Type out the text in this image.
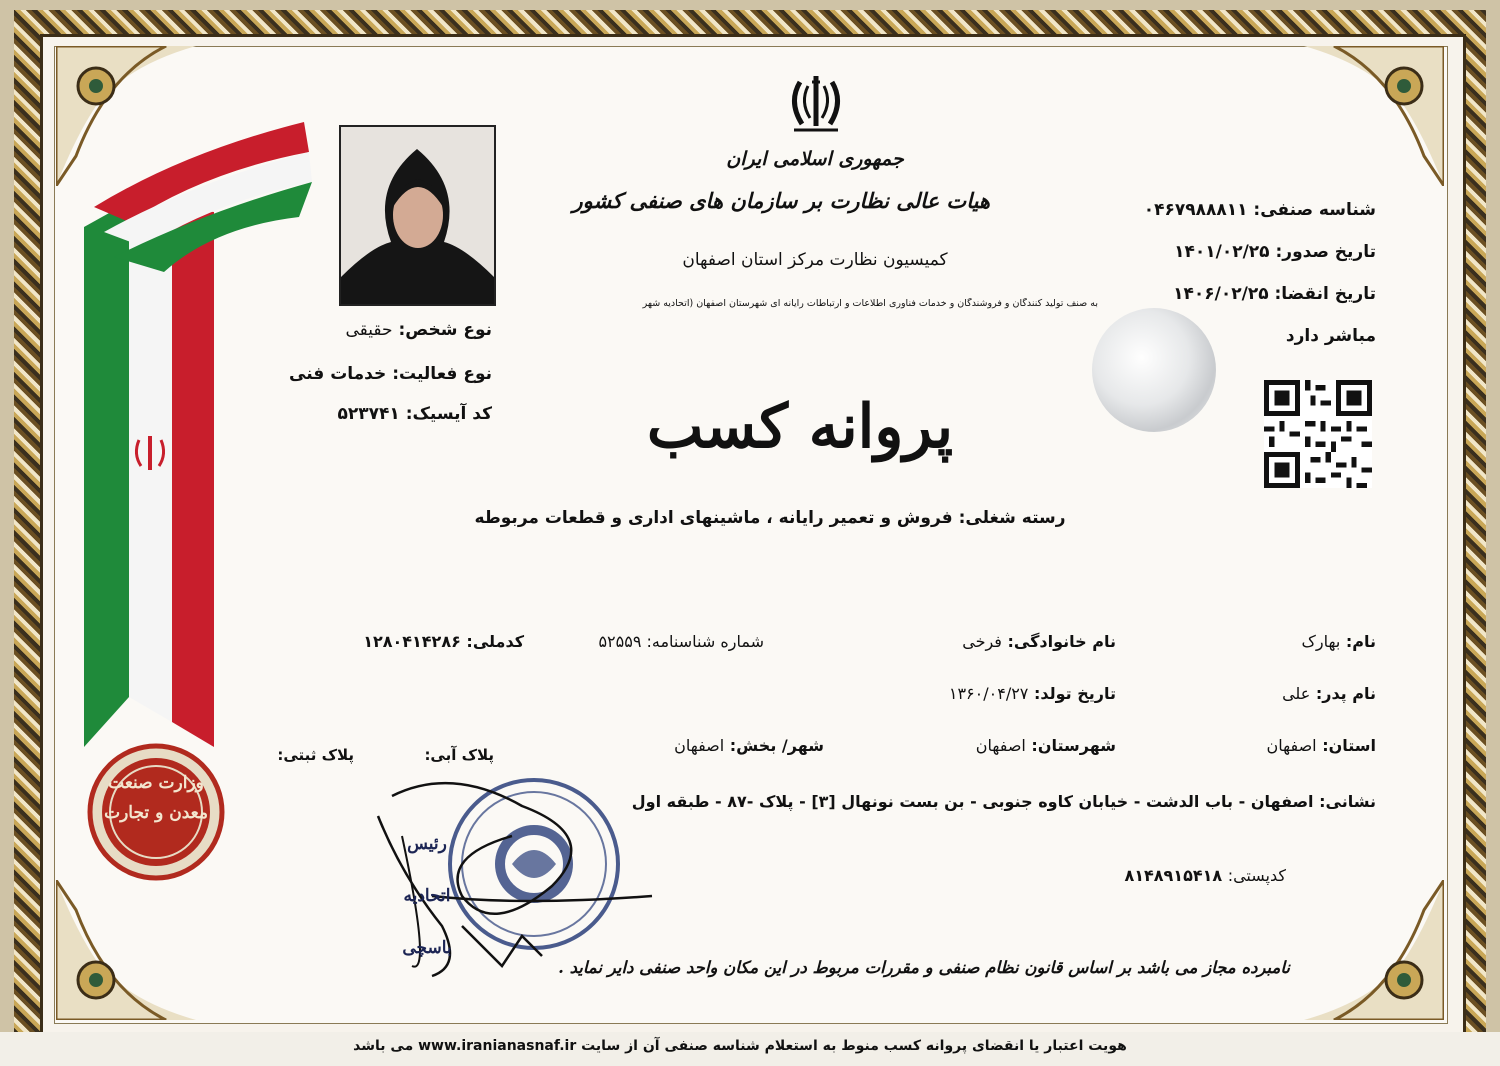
وزارت صنعت معدن و تجارت
جمهوری اسلامی ایران
هیات عالی نظارت بر سازمان های صنفی کشور
کمیسیون نظارت مرکز استان اصفهان
به صنف تولید کنندگان و فروشندگان و خدمات فناوری اطلاعات و ارتباطات رایانه ای شهرستان اصفهان (اتحادیه شهر
نوع شخص: حقیقی
نوع فعالیت: خدمات فنی
کد آیسیک: ۵۲۳۷۴۱
شناسه صنفی: ۰۴۶۷۹۸۸۸۱۱
تاریخ صدور: ۱۴۰۱/۰۲/۲۵
تاریخ انقضا: ۱۴۰۶/۰۲/۲۵
مباشر دارد
پروانه کسب
رسته شغلی: فروش و تعمیر رایانه ، ماشینهای اداری و قطعات مربوطه
نام: بهارک
نام خانوادگی: فرخی
شماره شناسنامه: ۵۲۵۵۹
کدملی: ۱۲۸۰۴۱۴۲۸۶
نام پدر: علی
تاریخ تولد: ۱۳۶۰/۰۴/۲۷
استان: اصفهان
شهرستان: اصفهان
شهر/ بخش: اصفهان
پلاک آبی:
پلاک ثبتی:
نشانی: اصفهان - باب الدشت - خیابان کاوه جنوبی - بن بست نونهال [۳] - پلاک -۸۷ - طبقه اول
کدپستی: ۸۱۴۸۹۱۵۴۱۸
رئیس اتحادیه باسچی
نامبرده مجاز می باشد بر اساس قانون نظام صنفی و مقررات مربوط در این مکان واحد صنفی دایر نماید .
هویت اعتبار یا انقضای پروانه کسب منوط به استعلام شناسه صنفی آن از سایت www.iranianasnaf.ir می باشد
